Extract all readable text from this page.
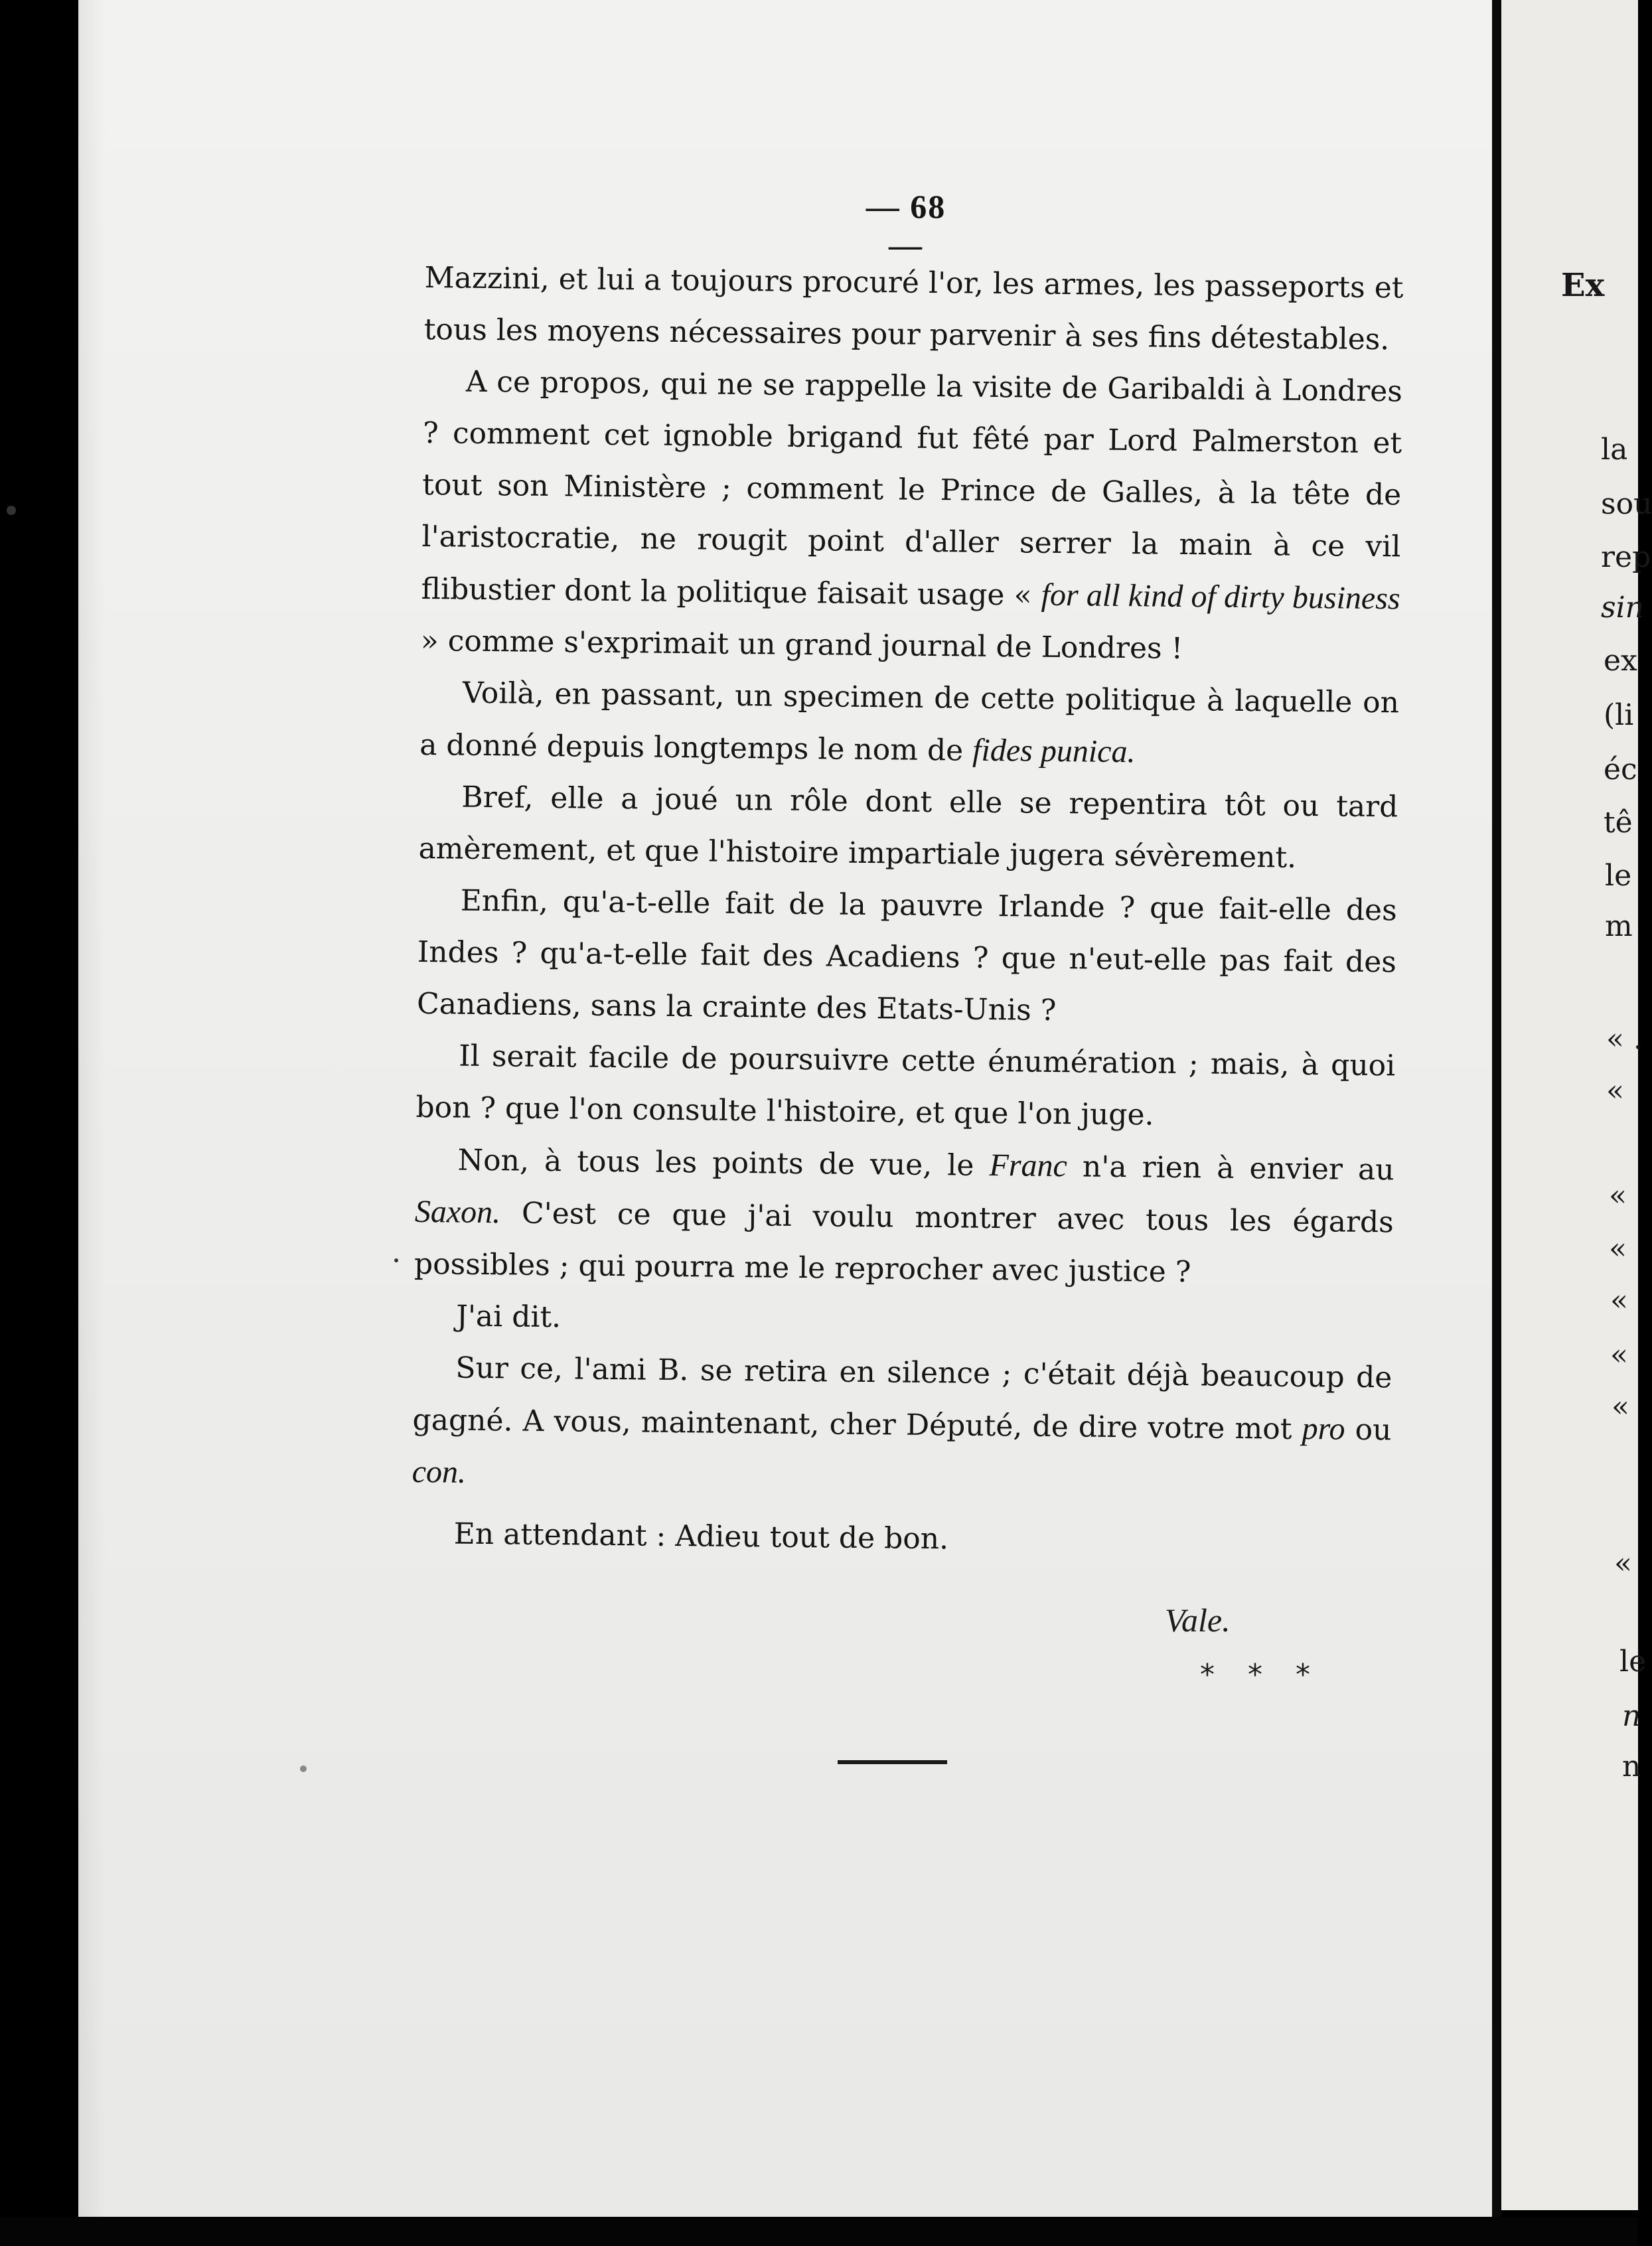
— 68 —

Mazzini, et lui a toujours procuré l'or, les armes, les passeports et tous les moyens nécessaires pour parvenir à ses fins détestables.

A ce propos, qui ne se rappelle la visite de Garibaldi à Londres ? comment cet ignoble brigand fut fêté par Lord Palmerston et tout son Ministère ; comment le Prince de Galles, à la tête de l'aristocratie, ne rougit point d'aller serrer la main à ce vil flibustier dont la politique faisait usage « for all kind of dirty business » comme s'exprimait un grand journal de Londres !

Voilà, en passant, un specimen de cette politique à laquelle on a donné depuis longtemps le nom de fides punica.

Bref, elle a joué un rôle dont elle se repentira tôt ou tard amèrement, et que l'histoire impartiale jugera sévèrement.

Enfin, qu'a-t-elle fait de la pauvre Irlande ? que fait-elle des Indes ? qu'a-t-elle fait des Acadiens ? que n'eut-elle pas fait des Canadiens, sans la crainte des Etats-Unis ?

Il serait facile de poursuivre cette énumération ; mais, à quoi bon ? que l'on consulte l'histoire, et que l'on juge.

Non, à tous les points de vue, le Franc n'a rien à envier au Saxon. C'est ce que j'ai voulu montrer avec tous les égards possibles ; qui pourra me le reprocher avec justice ?

J'ai dit.

Sur ce, l'ami B. se retira en silence ; c'était déjà beaucoup de gagné. A vous, maintenant, cher Député, de dire votre mot pro ou con.

En attendant : Adieu tout de bon.

Vale.
* * *
Ex
la
sou
rep
sin
ex
(li
éc
tê
le
m
« .
«
«
«
«
«
«
«
le
n
n
